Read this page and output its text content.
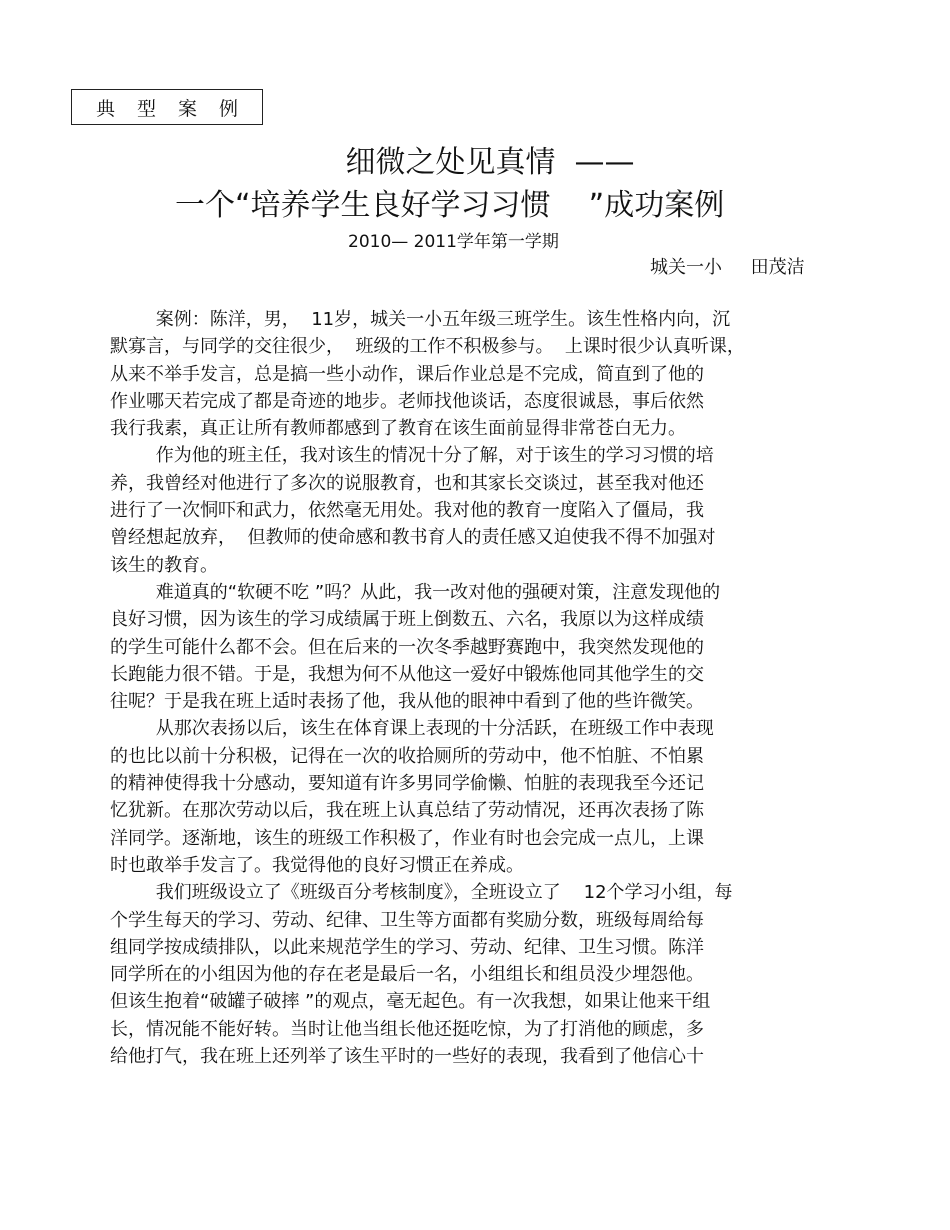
典 型 案 例
细微之处见真情  ——
一个“培养学生良好学习习惯    ”成功案例
2010— 2011学年第一学期
城关一小     田茂洁
案例：陈洋，男，  11岁，城关一小五年级三班学生。该生性格内向，沉
默寡言，与同学的交往很少，  班级的工作不积极参与。  上课时很少认真听课，
从来不举手发言，总是搞一些小动作，课后作业总是不完成，简直到了他的
作业哪天若完成了都是奇迹的地步。老师找他谈话，态度很诚恳，事后依然
我行我素，真正让所有教师都感到了教育在该生面前显得非常苍白无力。
作为他的班主任，我对该生的情况十分了解，对于该生的学习习惯的培
养，我曾经对他进行了多次的说服教育，也和其家长交谈过，甚至我对他还
进行了一次恫吓和武力，依然毫无用处。我对他的教育一度陷入了僵局，我
曾经想起放弃，  但教师的使命感和教书育人的责任感又迫使我不得不加强对
该生的教育。
难道真的“软硬不吃 ”吗？从此，我一改对他的强硬对策，注意发现他的
良好习惯，因为该生的学习成绩属于班上倒数五、六名，我原以为这样成绩
的学生可能什么都不会。但在后来的一次冬季越野赛跑中，我突然发现他的
长跑能力很不错。于是，我想为何不从他这一爱好中锻炼他同其他学生的交
往呢？于是我在班上适时表扬了他，我从他的眼神中看到了他的些许微笑。
从那次表扬以后，该生在体育课上表现的十分活跃，在班级工作中表现
的也比以前十分积极，记得在一次的收拾厕所的劳动中，他不怕脏、不怕累
的精神使得我十分感动，要知道有许多男同学偷懒、怕脏的表现我至今还记
忆犹新。在那次劳动以后，我在班上认真总结了劳动情况，还再次表扬了陈
洋同学。逐渐地，该生的班级工作积极了，作业有时也会完成一点儿，上课
时也敢举手发言了。我觉得他的良好习惯正在养成。
我们班级设立了《班级百分考核制度》，全班设立了    12个学习小组，每
个学生每天的学习、劳动、纪律、卫生等方面都有奖励分数，班级每周给每
组同学按成绩排队，以此来规范学生的学习、劳动、纪律、卫生习惯。陈洋
同学所在的小组因为他的存在老是最后一名，小组组长和组员没少埋怨他。
但该生抱着“破罐子破摔 ”的观点，毫无起色。有一次我想，如果让他来干组
长，情况能不能好转。当时让他当组长他还挺吃惊，为了打消他的顾虑，多
给他打气，我在班上还列举了该生平时的一些好的表现，我看到了他信心十
